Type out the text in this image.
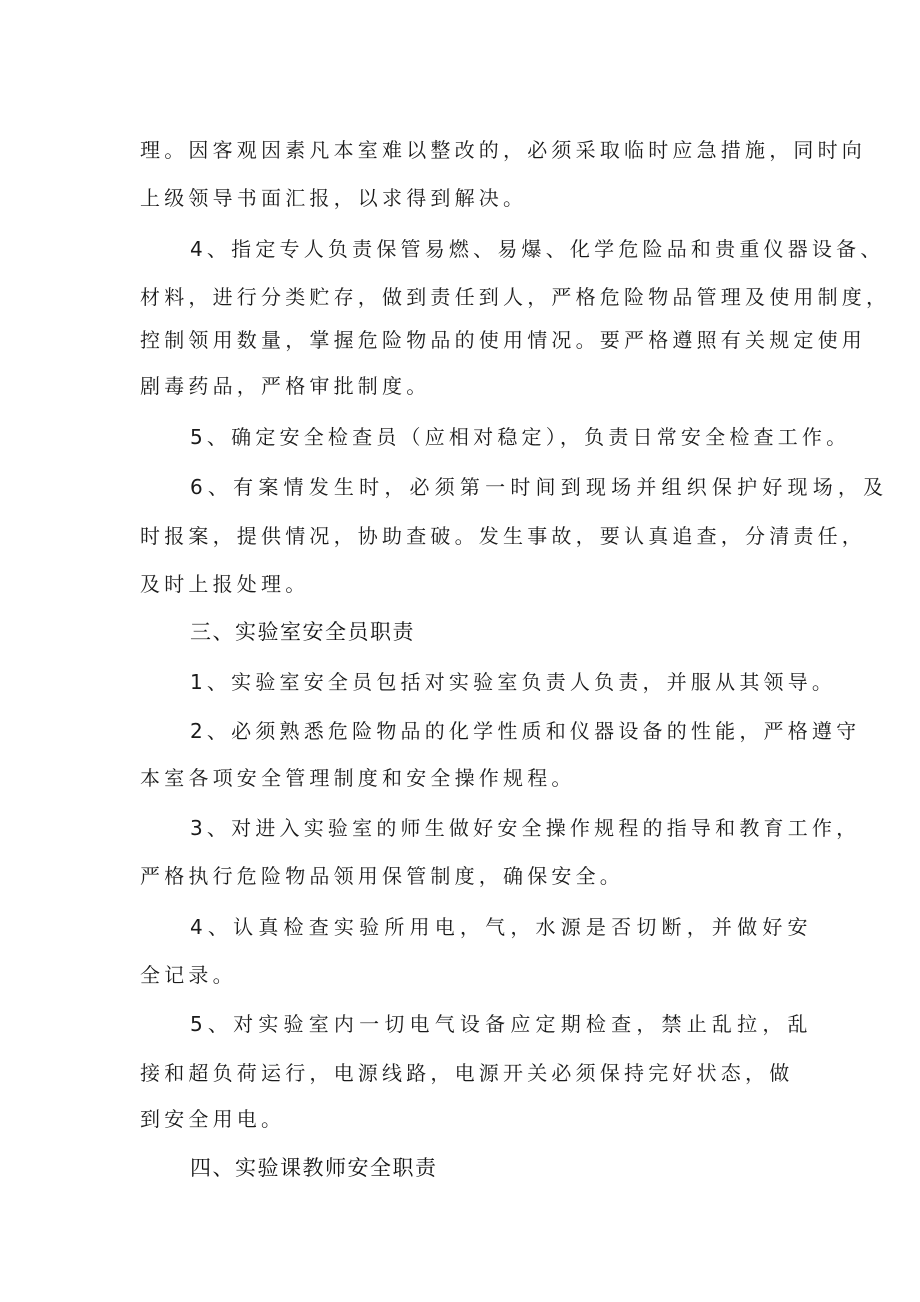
理。因客观因素凡本室难以整改的，必须采取临时应急措施，同时向
上级领导书面汇报，以求得到解决。
4、指定专人负责保管易燃、易爆、化学危险品和贵重仪器设备、
材料，进行分类贮存，做到责任到人，严格危险物品管理及使用制度，
控制领用数量，掌握危险物品的使用情况。要严格遵照有关规定使用
剧毒药品，严格审批制度。
5、确定安全检查员（应相对稳定），负责日常安全检查工作。
6、有案情发生时，必须第一时间到现场并组织保护好现场，及
时报案，提供情况，协助查破。发生事故，要认真追查，分清责任，
及时上报处理。
三、实验室安全员职责
1、实验室安全员包括对实验室负责人负责，并服从其领导。
2、必须熟悉危险物品的化学性质和仪器设备的性能，严格遵守
本室各项安全管理制度和安全操作规程。
3、对进入实验室的师生做好安全操作规程的指导和教育工作，
严格执行危险物品领用保管制度，确保安全。
4、认真检查实验所用电，气，水源是否切断，并做好安
全记录。
5、对实验室内一切电气设备应定期检查，禁止乱拉，乱
接和超负荷运行，电源线路，电源开关必须保持完好状态，做
到安全用电。
四、实验课教师安全职责
